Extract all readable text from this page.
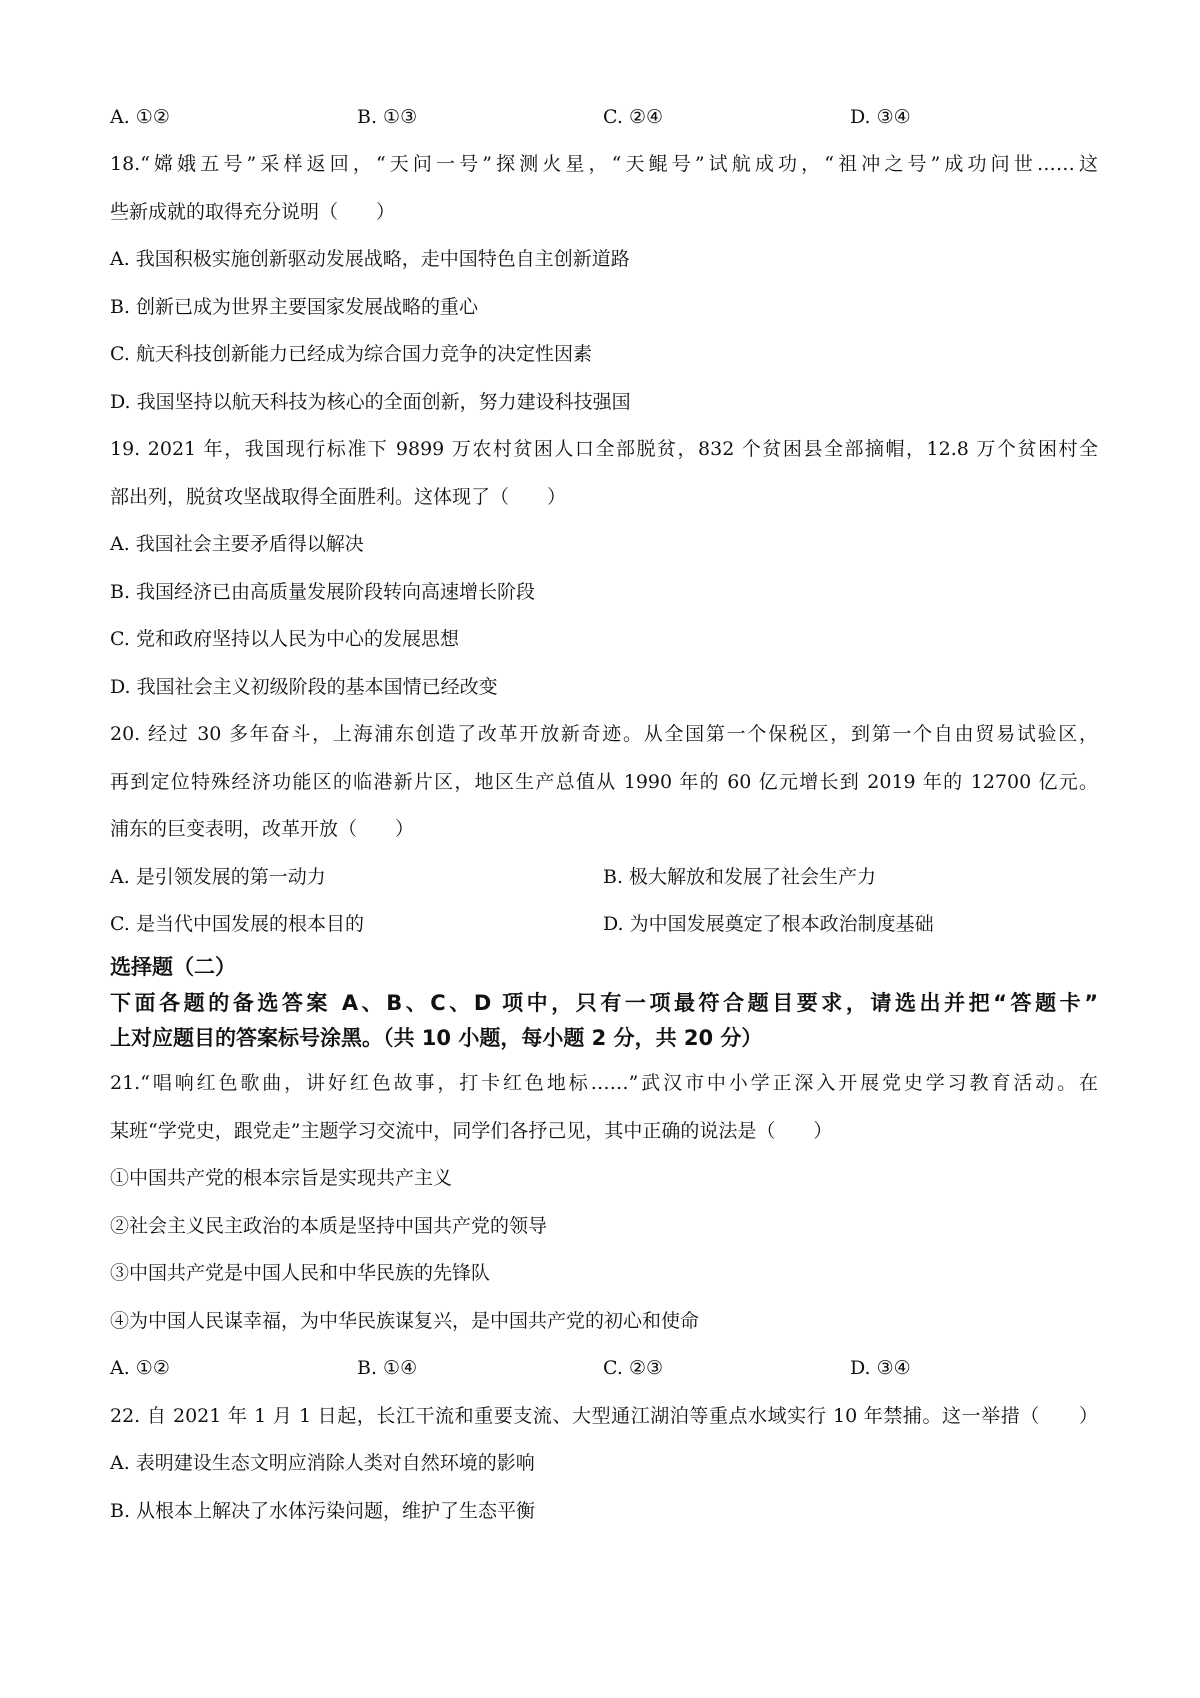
A. ①②	B. ①③	C. ②④	D. ③④

18.“嫦娥五号”采样返回，“天问一号”探测火星，“天鲲号”试航成功，“祖冲之号”成功问世……这

些新成就的取得充分说明（　　）

A. 我国积极实施创新驱动发展战略，走中国特色自主创新道路

B. 创新已成为世界主要国家发展战略的重心

C. 航天科技创新能力已经成为综合国力竞争的决定性因素

D. 我国坚持以航天科技为核心的全面创新，努力建设科技强国

19. 2021 年，我国现行标准下 9899 万农村贫困人口全部脱贫，832 个贫困县全部摘帽，12.8 万个贫困村全

部出列，脱贫攻坚战取得全面胜利。这体现了（　　）

A. 我国社会主要矛盾得以解决

B. 我国经济已由高质量发展阶段转向高速增长阶段

C. 党和政府坚持以人民为中心的发展思想

D. 我国社会主义初级阶段的基本国情已经改变

20. 经过 30 多年奋斗，上海浦东创造了改革开放新奇迹。从全国第一个保税区，到第一个自由贸易试验区，

再到定位特殊经济功能区的临港新片区，地区生产总值从 1990 年的 60 亿元增长到 2019 年的 12700 亿元。

浦东的巨变表明，改革开放（　　）

A. 是引领发展的第一动力	B. 极大解放和发展了社会生产力

C. 是当代中国发展的根本目的	D. 为中国发展奠定了根本政治制度基础

选择题（二）

下面各题的备选答案 A、B、C、D 项中，只有一项最符合题目要求，请选出并把“答题卡”

上对应题目的答案标号涂黑。（共 10 小题，每小题 2 分，共 20 分）

21.“唱响红色歌曲，讲好红色故事，打卡红色地标……”武汉市中小学正深入开展党史学习教育活动。在

某班“学党史，跟党走”主题学习交流中，同学们各抒己见，其中正确的说法是（　　）

①中国共产党的根本宗旨是实现共产主义

②社会主义民主政治的本质是坚持中国共产党的领导

③中国共产党是中国人民和中华民族的先锋队

④为中国人民谋幸福，为中华民族谋复兴，是中国共产党的初心和使命

A. ①②	B. ①④	C. ②③	D. ③④

22. 自 2021 年 1 月 1 日起，长江干流和重要支流、大型通江湖泊等重点水域实行 10 年禁捕。这一举措（　　）

A. 表明建设生态文明应消除人类对自然环境的影响

B. 从根本上解决了水体污染问题，维护了生态平衡
